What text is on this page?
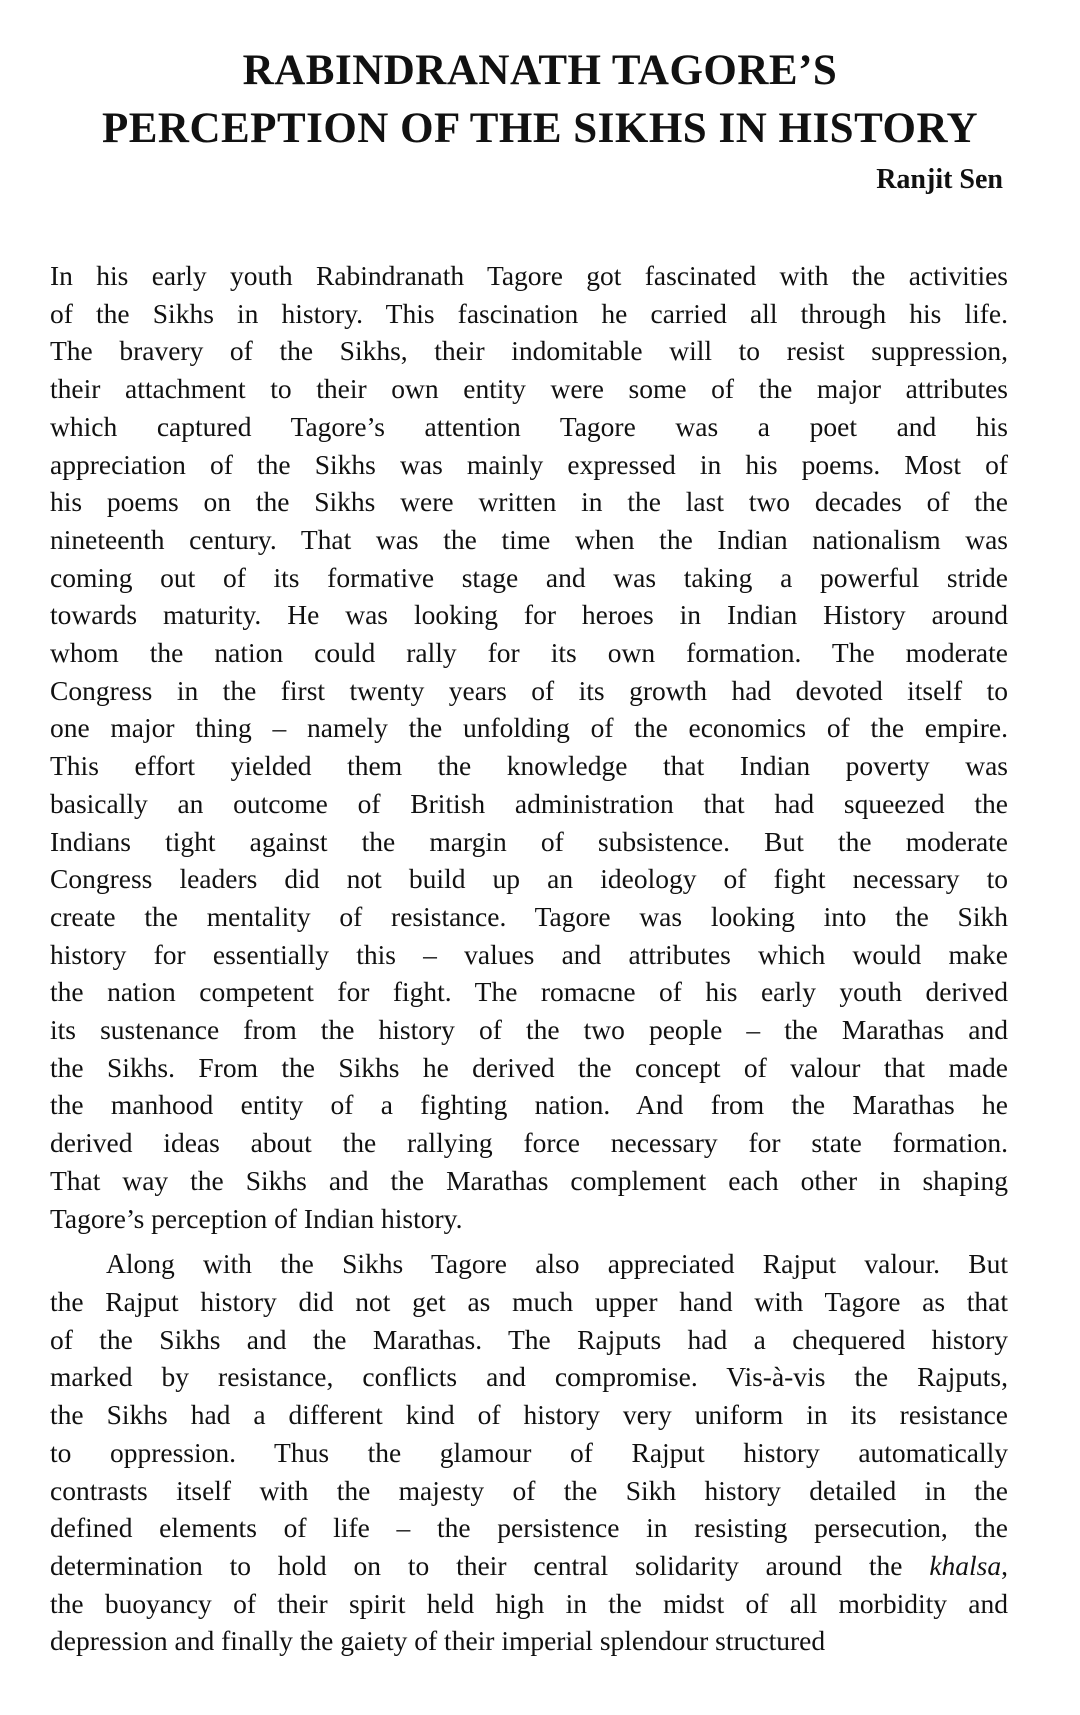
RABINDRANATH TAGORE’S
PERCEPTION OF THE SIKHS IN HISTORY

Ranjit Sen

In his early youth Rabindranath Tagore got fascinated with the activities
of the Sikhs in history. This fascination he carried all through his life.
The bravery of the Sikhs, their indomitable will to resist suppression,
their attachment to their own entity were some of the major attributes
which captured Tagore’s attention Tagore was a poet and his
appreciation of the Sikhs was mainly expressed in his poems. Most of
his poems on the Sikhs were written in the last two decades of the
nineteenth century. That was the time when the Indian nationalism was
coming out of its formative stage and was taking a powerful stride
towards maturity. He was looking for heroes in Indian History around
whom the nation could rally for its own formation. The moderate
Congress in the first twenty years of its growth had devoted itself to
one major thing – namely the unfolding of the economics of the empire.
This effort yielded them the knowledge that Indian poverty was
basically an outcome of British administration that had squeezed the
Indians tight against the margin of subsistence. But the moderate
Congress leaders did not build up an ideology of fight necessary to
create the mentality of resistance. Tagore was looking into the Sikh
history for essentially this – values and attributes which would make
the nation competent for fight. The romacne of his early youth derived
its sustenance from the history of the two people – the Marathas and
the Sikhs. From the Sikhs he derived the concept of valour that made
the manhood entity of a fighting nation. And from the Marathas he
derived ideas about the rallying force necessary for state formation.
That way the Sikhs and the Marathas complement each other in shaping
Tagore’s perception of Indian history.

Along with the Sikhs Tagore also appreciated Rajput valour. But
the Rajput history did not get as much upper hand with Tagore as that
of the Sikhs and the Marathas. The Rajputs had a chequered history
marked by resistance, conflicts and compromise. Vis-à-vis the Rajputs,
the Sikhs had a different kind of history very uniform in its resistance
to oppression. Thus the glamour of Rajput history automatically
contrasts itself with the majesty of the Sikh history detailed in the
defined elements of life – the persistence in resisting persecution, the
determination to hold on to their central solidarity around the khalsa,
the buoyancy of their spirit held high in the midst of all morbidity and
depression and finally the gaiety of their imperial splendour structured
